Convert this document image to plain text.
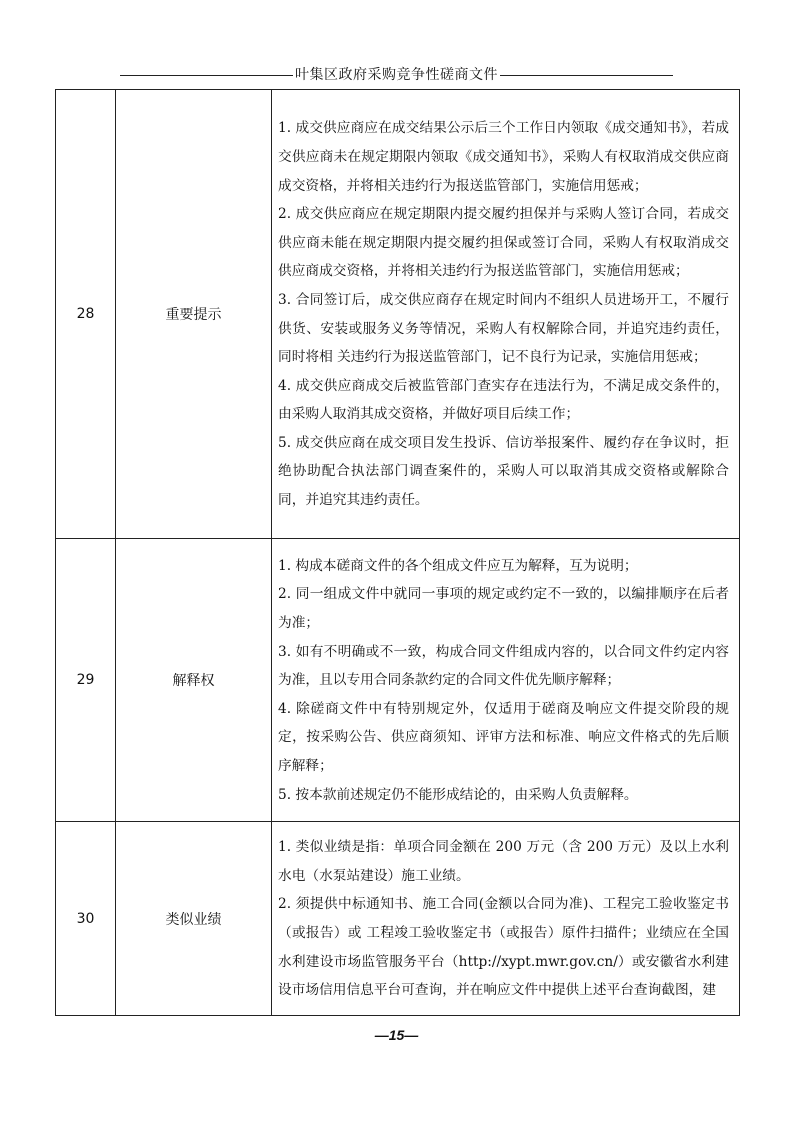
叶集区政府采购竞争性磋商文件
28	重要提示	1. 成交供应商应在成交结果公示后三个工作日内领取《成交通知书》，若成交供应商未在规定期限内领取《成交通知书》，采购人有权取消成交供应商成交资格，并将相关违约行为报送监管部门，实施信用惩戒；

2. 成交供应商应在规定期限内提交履约担保并与采购人签订合同，若成交供应商未能在规定期限内提交履约担保或签订合同，采购人有权取消成交供应商成交资格，并将相关违约行为报送监管部门，实施信用惩戒；

3. 合同签订后，成交供应商存在规定时间内不组织人员进场开工，不履行供货、安装或服务义务等情况，采购人有权解除合同，并追究违约责任，同时将相 关违约行为报送监管部门，记不良行为记录，实施信用惩戒；

4. 成交供应商成交后被监管部门查实存在违法行为，不满足成交条件的，由采购人取消其成交资格，并做好项目后续工作；

5. 成交供应商在成交项目发生投诉、信访举报案件、履约存在争议时，拒绝协助配合执法部门调查案件的，采购人可以取消其成交资格或解除合同，并追究其违约责任。

29	解释权	1. 构成本磋商文件的各个组成文件应互为解释，互为说明；

2. 同一组成文件中就同一事项的规定或约定不一致的，以编排顺序在后者为准；

3. 如有不明确或不一致，构成合同文件组成内容的，以合同文件约定内容为准，且以专用合同条款约定的合同文件优先顺序解释；

4. 除磋商文件中有特别规定外，仅适用于磋商及响应文件提交阶段的规定，按采购公告、供应商须知、评审方法和标准、响应文件格式的先后顺序解释；

5. 按本款前述规定仍不能形成结论的，由采购人负责解释。

30	类似业绩	1. 类似业绩是指：单项合同金额在 200 万元（含 200 万元）及以上水利水电（水泵站建设）施工业绩。

2. 须提供中标通知书、施工合同(金额以合同为准)、工程完工验收鉴定书（或报告）或 工程竣工验收鉴定书（或报告）原件扫描件；业绩应在全国水利建设市场监管服务平台（http://xypt.mwr.gov.cn/）或安徽省水利建设市场信用信息平台可查询，并在响应文件中提供上述平台查询截图，建

—15—
